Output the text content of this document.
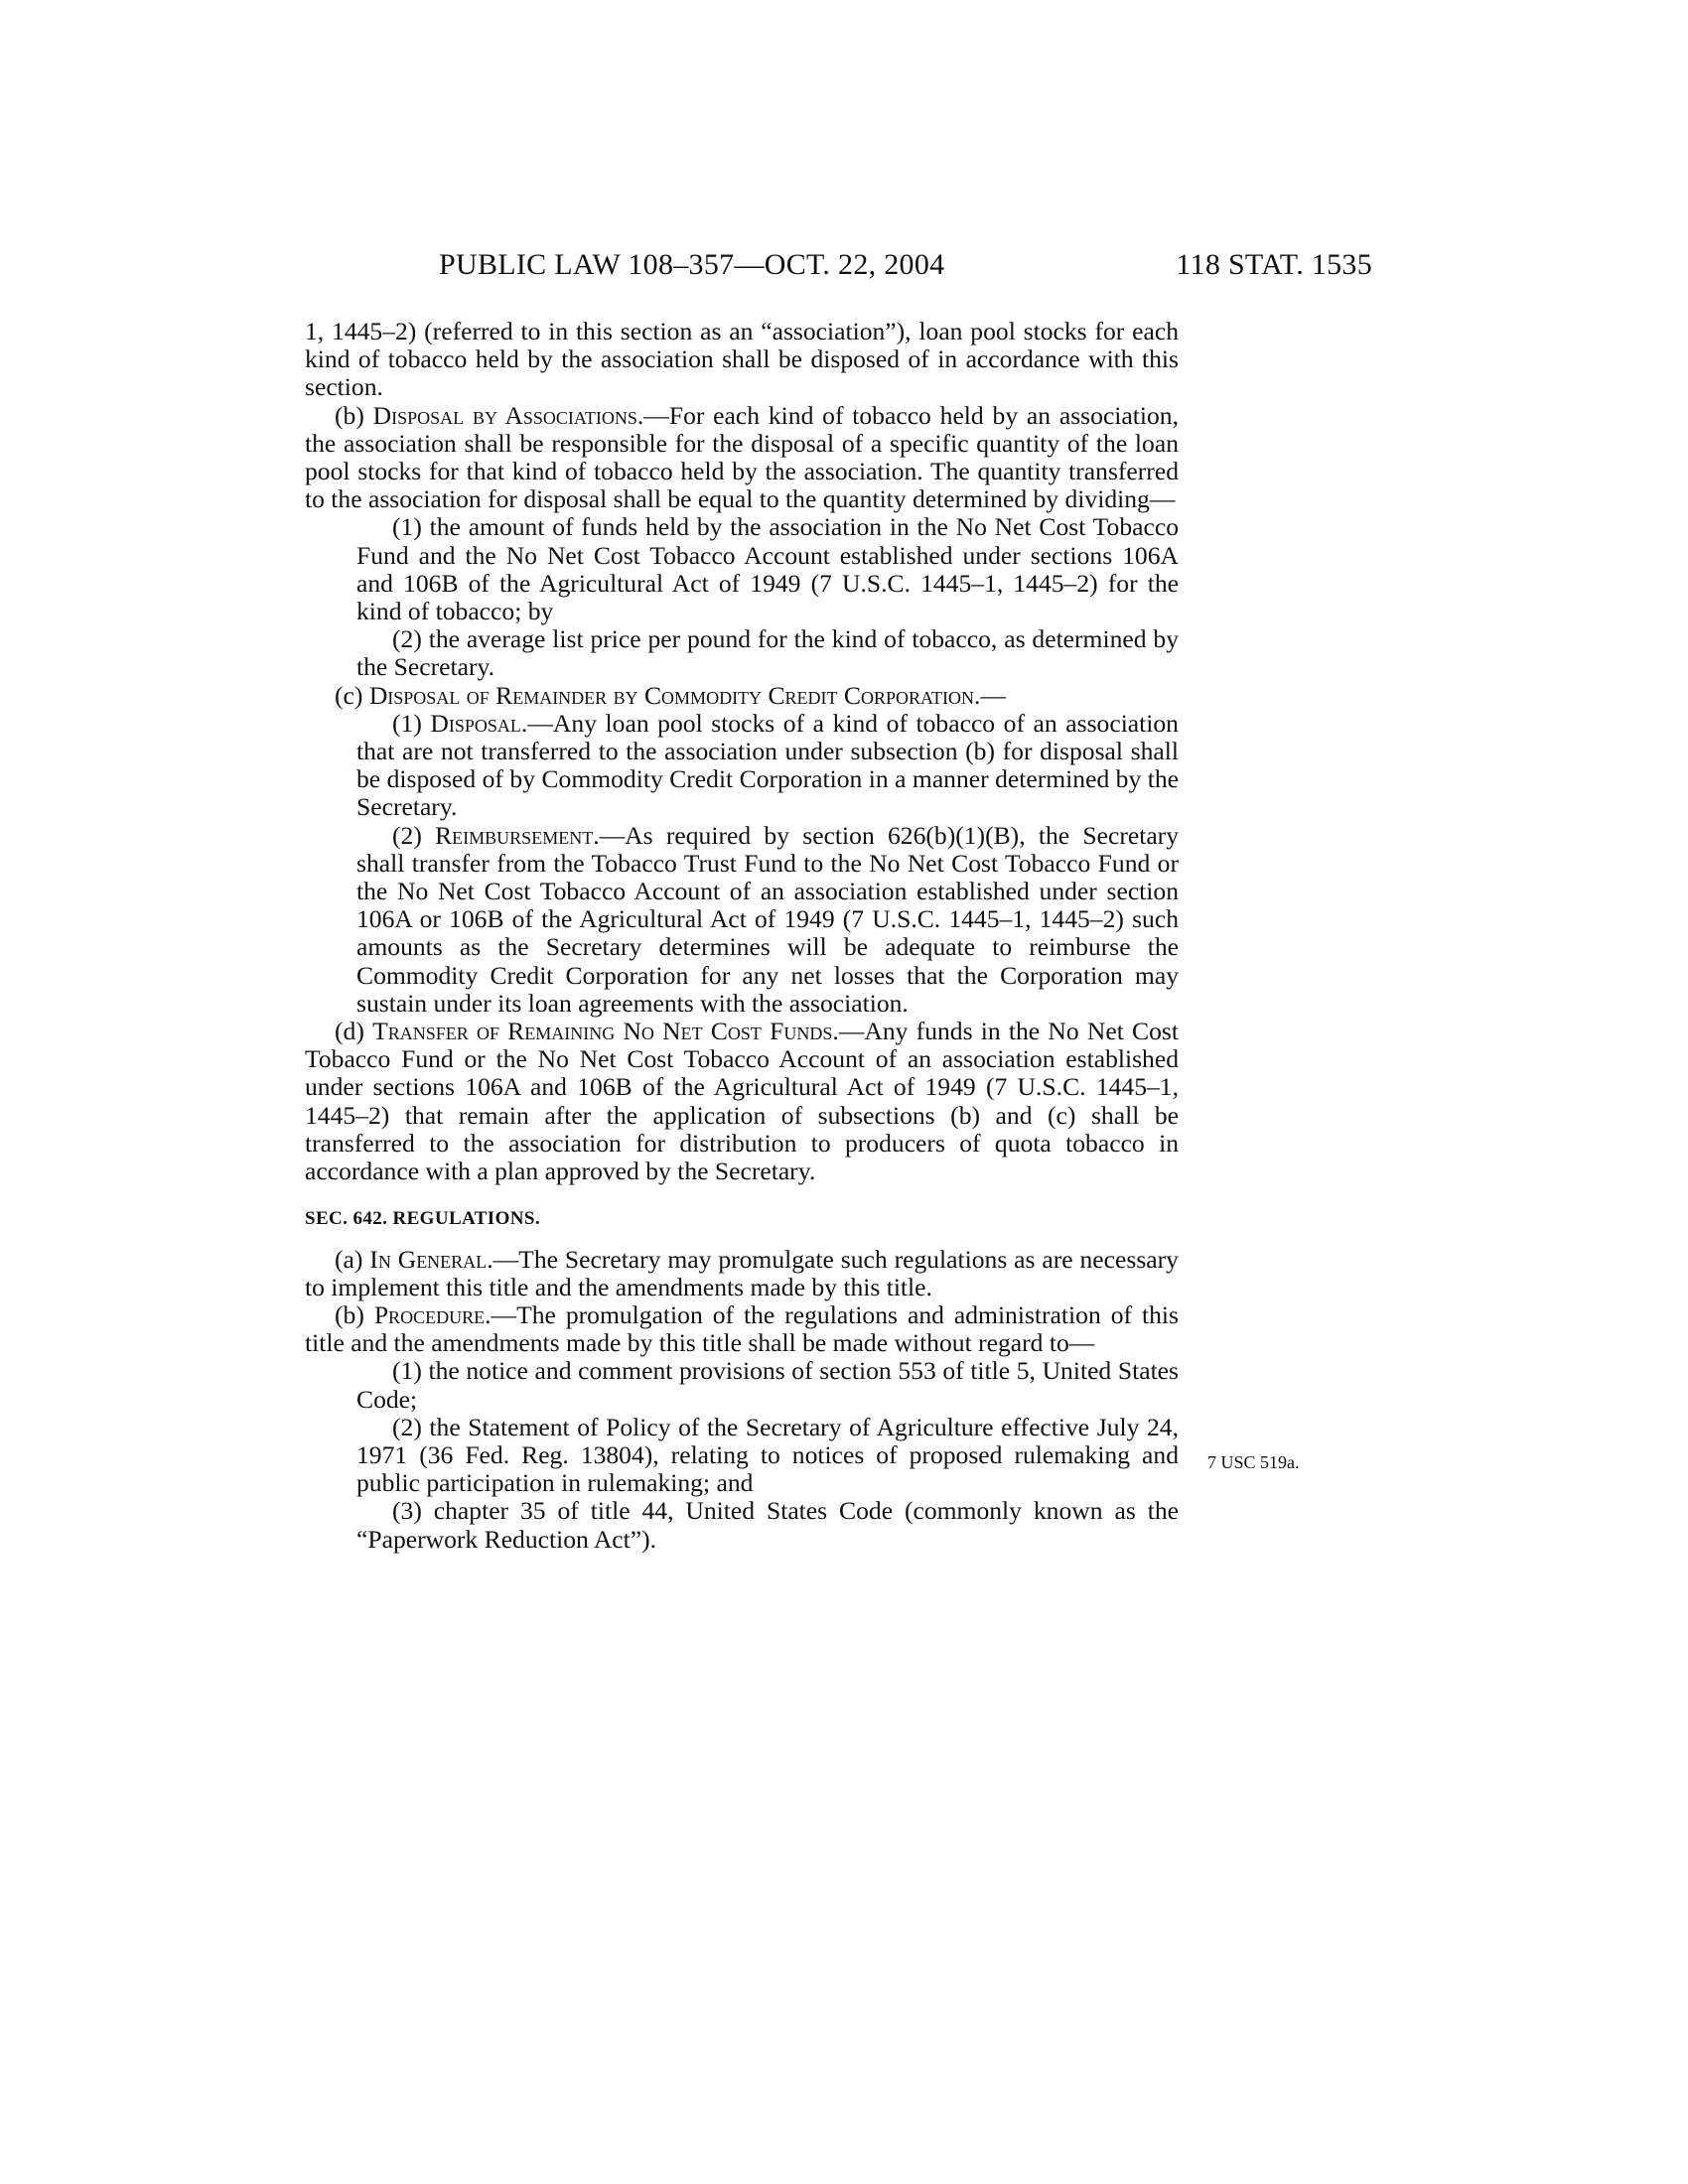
PUBLIC LAW 108–357—OCT. 22, 2004	118 STAT. 1535

1, 1445–2) (referred to in this section as an “association”), loan pool stocks for each kind of tobacco held by the association shall be disposed of in accordance with this section.

(b) Disposal by Associations.—For each kind of tobacco held by an association, the association shall be responsible for the disposal of a specific quantity of the loan pool stocks for that kind of tobacco held by the association. The quantity transferred to the association for disposal shall be equal to the quantity determined by dividing—

(1) the amount of funds held by the association in the No Net Cost Tobacco Fund and the No Net Cost Tobacco Account established under sections 106A and 106B of the Agricultural Act of 1949 (7 U.S.C. 1445–1, 1445–2) for the kind of tobacco; by

(2) the average list price per pound for the kind of tobacco, as determined by the Secretary.

(c) Disposal of Remainder by Commodity Credit Corporation.—

(1) Disposal.—Any loan pool stocks of a kind of tobacco of an association that are not transferred to the association under subsection (b) for disposal shall be disposed of by Commodity Credit Corporation in a manner determined by the Secretary.

(2) Reimbursement.—As required by section 626(b)(1)(B), the Secretary shall transfer from the Tobacco Trust Fund to the No Net Cost Tobacco Fund or the No Net Cost Tobacco Account of an association established under section 106A or 106B of the Agricultural Act of 1949 (7 U.S.C. 1445–1, 1445–2) such amounts as the Secretary determines will be adequate to reimburse the Commodity Credit Corporation for any net losses that the Corporation may sustain under its loan agreements with the association.

(d) Transfer of Remaining No Net Cost Funds.—Any funds in the No Net Cost Tobacco Fund or the No Net Cost Tobacco Account of an association established under sections 106A and 106B of the Agricultural Act of 1949 (7 U.S.C. 1445–1, 1445–2) that remain after the application of subsections (b) and (c) shall be transferred to the association for distribution to producers of quota tobacco in accordance with a plan approved by the Secretary.

SEC. 642. REGULATIONS.

(a) In General.—The Secretary may promulgate such regulations as are necessary to implement this title and the amendments made by this title.

(b) Procedure.—The promulgation of the regulations and administration of this title and the amendments made by this title shall be made without regard to—

(1) the notice and comment provisions of section 553 of title 5, United States Code;

(2) the Statement of Policy of the Secretary of Agriculture effective July 24, 1971 (36 Fed. Reg. 13804), relating to notices of proposed rulemaking and public participation in rulemaking; and

(3) chapter 35 of title 44, United States Code (commonly known as the “Paperwork Reduction Act”).

7 USC 519a.
